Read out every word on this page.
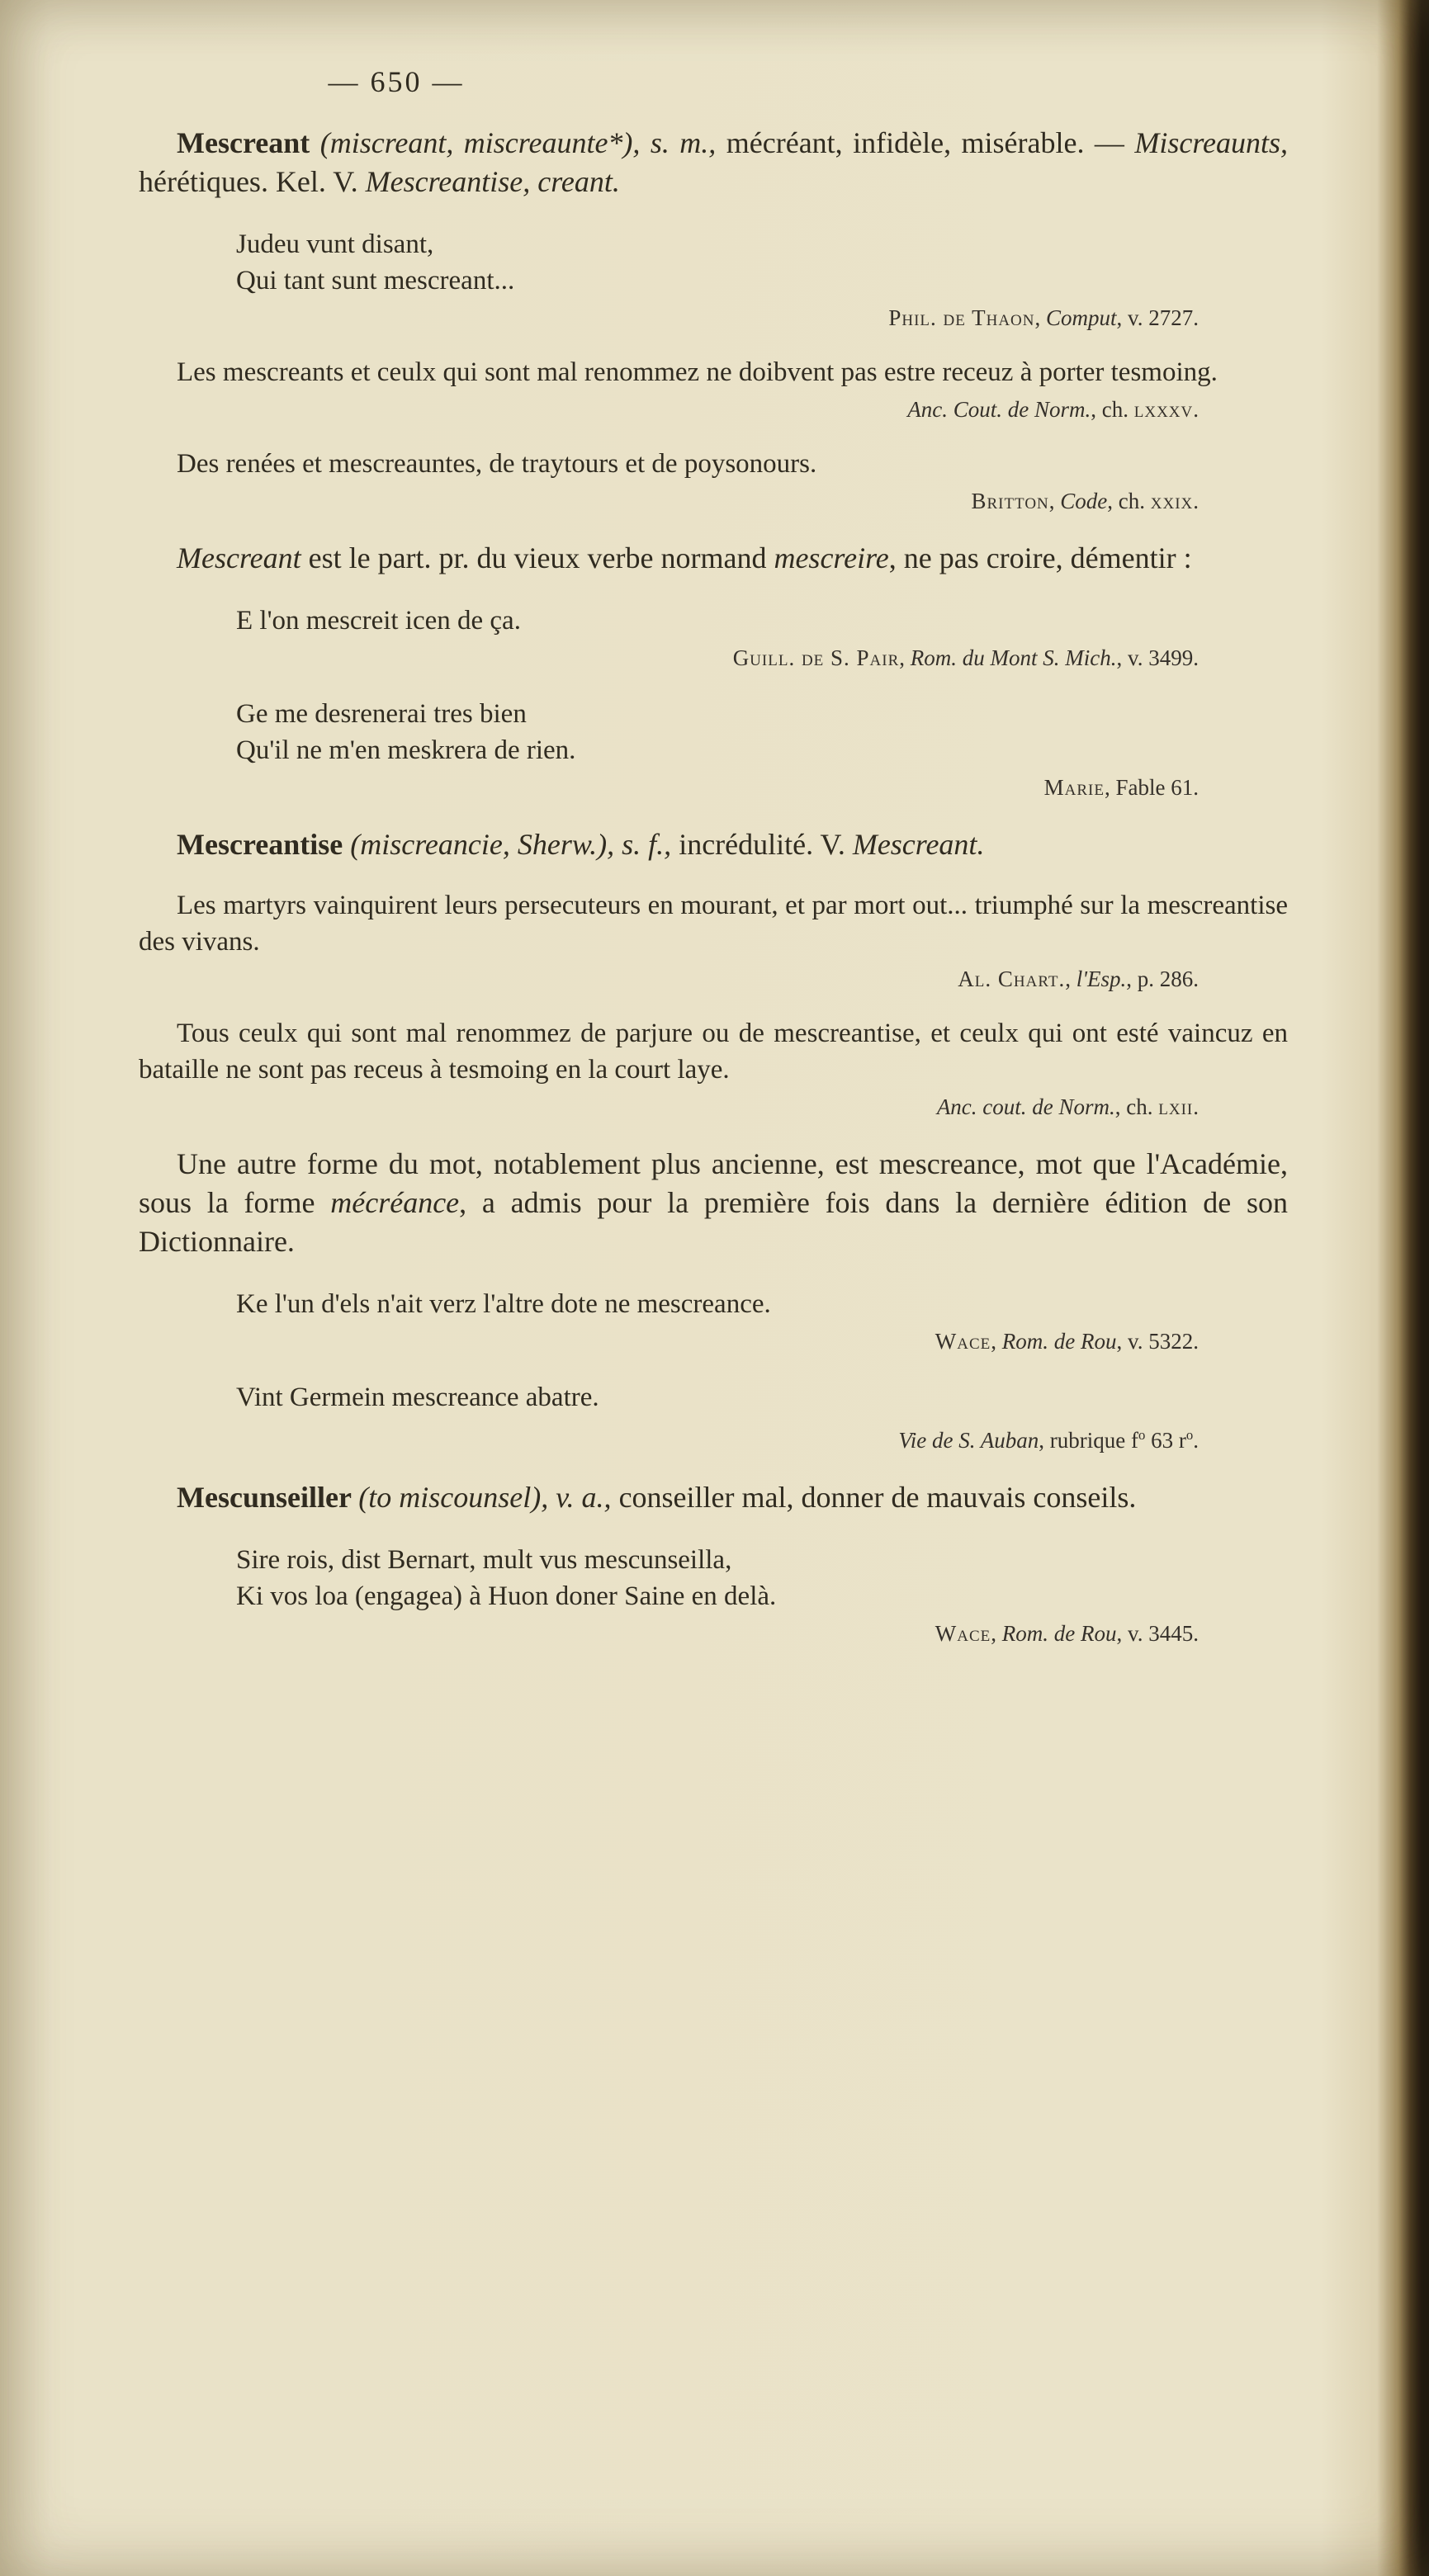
— 650 —

Mescreant (miscreant, miscreaunte*), s. m., mécréant, infidèle, misérable. — Miscreaunts, hérétiques. Kel. V. Mescreantise, creant.

Judeu vunt disant,
Qui tant sunt mescreant...
Phil. de Thaon, Comput, v. 2727.

Les mescreants et ceulx qui sont mal renommez ne doibvent pas estre receuz à porter tesmoing.

Anc. Cout. de Norm., ch. lxxxv.

Des renées et mescreauntes, de traytours et de poysonours.

Britton, Code, ch. xxix.

Mescreant est le part. pr. du vieux verbe normand mescreire, ne pas croire, démentir :

E l'on mescreit icen de ça.
Guill. de S. Pair, Rom. du Mont S. Mich., v. 3499.
Ge me desrenerai tres bien
Qu'il ne m'en meskrera de rien.
Marie, Fable 61.

Mescreantise (miscreancie, Sherw.), s. f., incrédulité. V. Mescreant.

Les martyrs vainquirent leurs persecuteurs en mourant, et par mort out... triumphé sur la mescreantise des vivans.

Al. Chart., l'Esp., p. 286.

Tous ceulx qui sont mal renommez de parjure ou de mescreantise, et ceulx qui ont esté vaincuz en bataille ne sont pas receus à tesmoing en la court laye.

Anc. cout. de Norm., ch. lxii.

Une autre forme du mot, notablement plus ancienne, est mescreance, mot que l'Académie, sous la forme mécréance, a admis pour la première fois dans la dernière édition de son Dictionnaire.

Ke l'un d'els n'ait verz l'altre dote ne mescreance.
Wace, Rom. de Rou, v. 5322.
Vint Germein mescreance abatre.
Vie de S. Auban, rubrique $f^o$ 63 $r^o$.

Mescunseiller (to miscounsel), v. a., conseiller mal, donner de mauvais conseils.

Sire rois, dist Bernart, mult vus mescunseilla,
Ki vos loa (engagea) à Huon doner Saine en delà.
Wace, Rom. de Rou, v. 3445.
